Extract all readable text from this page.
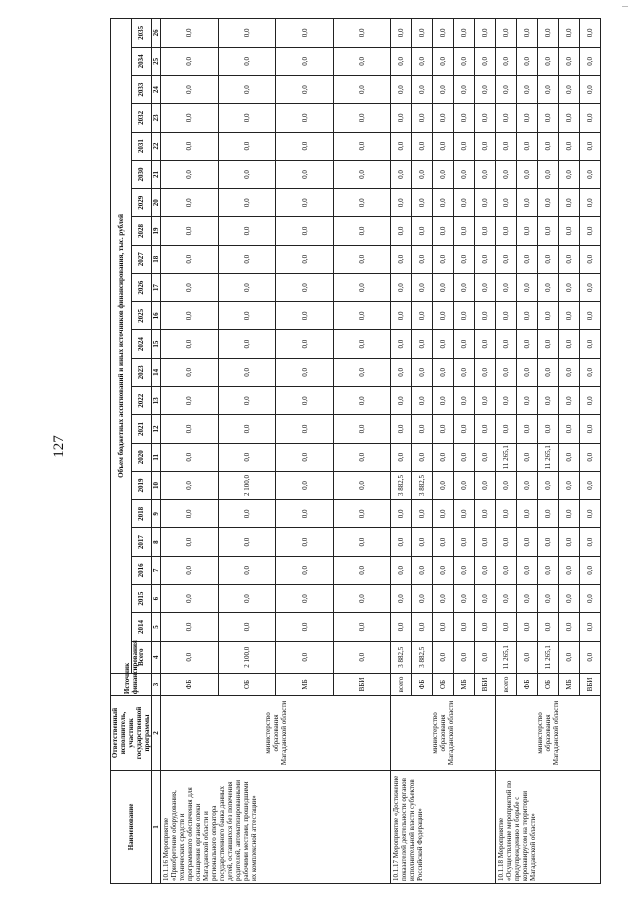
127
Наименование	Ответственный исполнитель, участник государственной программы	Источник финансирования	Объем бюджетных ассигнований и иных источников финансирования, тыс. рублей																						
			Всего	2014	2015	2016	2017	2018	2019	2020	2021	2022	2023	2024	2025	2026	2027	2028	2029	2030	2031	2032	2033	2034	2035
1	2	3	4	5	6	7	8	9	10	11	12	13	14	15	16	17	18	19	20	21	22	23	24	25	26
10.1.16 Мероприятие «Приобретение оборудования, технических средств и программного обеспечения для оснащения органов опеки Магаданской области и регионального оператора государственного банка данных детей, оставшихся без попечения родителей, автоматизированными рабочими местами, прошедшими их комплексной аттестации»	министерство образования Магаданской области	ФБ	0,0	0,0	0,0	0,0	0,0	0,0	0,0	0,0	0,0	0,0	0,0	0,0	0,0	0,0	0,0	0,0	0,0	0,0	0,0	0,0	0,0	0,0	0,0
		ОБ	2 100,0	0,0	0,0	0,0	0,0	0,0	2 100,0	0,0	0,0	0,0	0,0	0,0	0,0	0,0	0,0	0,0	0,0	0,0	0,0	0,0	0,0	0,0	0,0
		МБ	0,0	0,0	0,0	0,0	0,0	0,0	0,0	0,0	0,0	0,0	0,0	0,0	0,0	0,0	0,0	0,0	0,0	0,0	0,0	0,0	0,0	0,0	0,0
		ВБИ	0,0	0,0	0,0	0,0	0,0	0,0	0,0	0,0	0,0	0,0	0,0	0,0	0,0	0,0	0,0	0,0	0,0	0,0	0,0	0,0	0,0	0,0	0,0
10.1.17 Мероприятие «Достижение показателей деятельности органов исполнительной власти субъектов Российской Федерации»	министерство образования Магаданской области	всего	3 882,5	0,0	0,0	0,0	0,0	0,0	3 882,5	0,0	0,0	0,0	0,0	0,0	0,0	0,0	0,0	0,0	0,0	0,0	0,0	0,0	0,0	0,0	0,0
		ФБ	3 882,5	0,0	0,0	0,0	0,0	0,0	3 882,5	0,0	0,0	0,0	0,0	0,0	0,0	0,0	0,0	0,0	0,0	0,0	0,0	0,0	0,0	0,0	0,0
		ОБ	0,0	0,0	0,0	0,0	0,0	0,0	0,0	0,0	0,0	0,0	0,0	0,0	0,0	0,0	0,0	0,0	0,0	0,0	0,0	0,0	0,0	0,0	0,0
		МБ	0,0	0,0	0,0	0,0	0,0	0,0	0,0	0,0	0,0	0,0	0,0	0,0	0,0	0,0	0,0	0,0	0,0	0,0	0,0	0,0	0,0	0,0	0,0
		ВБИ	0,0	0,0	0,0	0,0	0,0	0,0	0,0	0,0	0,0	0,0	0,0	0,0	0,0	0,0	0,0	0,0	0,0	0,0	0,0	0,0	0,0	0,0	0,0
10.1.18 Мероприятие «Осуществление мероприятий по предупреждению и борьбе с коронавирусом на территории Магаданской области»	министерство образования Магаданской области	всего	11 265,1	0,0	0,0	0,0	0,0	0,0	0,0	11 265,1	0,0	0,0	0,0	0,0	0,0	0,0	0,0	0,0	0,0	0,0	0,0	0,0	0,0	0,0	0,0
		ФБ	0,0	0,0	0,0	0,0	0,0	0,0	0,0	0,0	0,0	0,0	0,0	0,0	0,0	0,0	0,0	0,0	0,0	0,0	0,0	0,0	0,0	0,0	0,0
		ОБ	11 265,1	0,0	0,0	0,0	0,0	0,0	0,0	11 265,1	0,0	0,0	0,0	0,0	0,0	0,0	0,0	0,0	0,0	0,0	0,0	0,0	0,0	0,0	0,0
		МБ	0,0	0,0	0,0	0,0	0,0	0,0	0,0	0,0	0,0	0,0	0,0	0,0	0,0	0,0	0,0	0,0	0,0	0,0	0,0	0,0	0,0	0,0	0,0
		ВБИ	0,0	0,0	0,0	0,0	0,0	0,0	0,0	0,0	0,0	0,0	0,0	0,0	0,0	0,0	0,0	0,0	0,0	0,0	0,0	0,0	0,0	0,0	0,0
